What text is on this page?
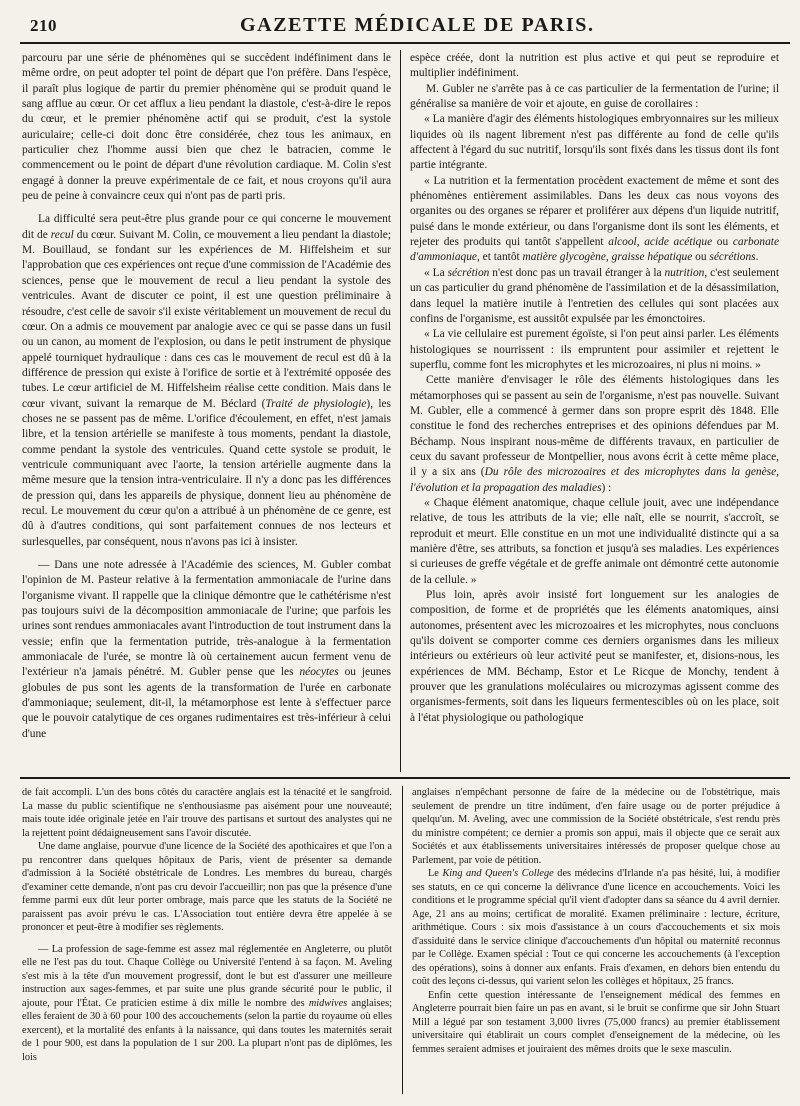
210	GAZETTE MÉDICALE DE PARIS.

parcouru par une série de phénomènes qui se succèdent indéfiniment dans le même ordre, on peut adopter tel point de départ que l'on préfère. Dans l'espèce, il paraît plus logique de partir du premier phénomène qui se produit quand le sang afflue au cœur. Or cet afflux a lieu pendant la diastole, c'est-à-dire le repos du cœur, et le premier phénomène actif qui se produit, c'est la systole auriculaire; celle-ci doit donc être considérée, chez tous les animaux, en particulier chez l'homme aussi bien que chez le batracien, comme le commencement ou le point de départ d'une révolution cardiaque. M. Colin s'est engagé à donner la preuve expérimentale de ce fait, et nous croyons qu'il aura peu de peine à convaincre ceux qui n'ont pas de parti pris.

La difficulté sera peut-être plus grande pour ce qui concerne le mouvement dit de recul du cœur. Suivant M. Colin, ce mouvement a lieu pendant la diastole; M. Bouillaud, se fondant sur les expériences de M. Hiffelsheim et sur l'approbation que ces expériences ont reçue d'une commission de l'Académie des sciences, pense que le mouvement de recul a lieu pendant la systole des ventricules. Avant de discuter ce point, il est une question préliminaire à résoudre, c'est celle de savoir s'il existe véritablement un mouvement de recul du cœur. On a admis ce mouvement par analogie avec ce qui se passe dans un fusil ou un canon, au moment de l'explosion, ou dans le petit instrument de physique appelé tourniquet hydraulique : dans ces cas le mouvement de recul est dû à la différence de pression qui existe à l'orifice de sortie et à l'extrémité opposée des tubes. Le cœur artificiel de M. Hiffelsheim réalise cette condition. Mais dans le cœur vivant, suivant la remarque de M. Béclard (Traité de physiologie), les choses ne se passent pas de même. L'orifice d'écoulement, en effet, n'est jamais libre, et la tension artérielle se manifeste à tous moments, pendant la diastole, comme pendant la systole des ventricules. Quand cette systole se produit, le ventricule communiquant avec l'aorte, la tension artérielle augmente dans la même mesure que la tension intra-ventriculaire. Il n'y a donc pas les différences de pression qui, dans les appareils de physique, donnent lieu au phénomène de recul. Le mouvement du cœur qu'on a attribué à un phénomène de ce genre, est dû à d'autres conditions, qui sont parfaitement connues de nos lecteurs et surlesquelles, par conséquent, nous n'avons pas ici à insister.

— Dans une note adressée à l'Académie des sciences, M. Gubler combat l'opinion de M. Pasteur relative à la fermentation ammoniacale de l'urine dans l'organisme vivant. Il rappelle que la clinique démontre que le cathétérisme n'est pas toujours suivi de la décomposition ammoniacale de l'urine; que parfois les urines sont rendues ammoniacales avant l'introduction de tout instrument dans la vessie; enfin que la fermentation putride, très-analogue à la fermentation ammoniacale de l'urée, se montre là où certainement aucun ferment venu de l'extérieur n'a jamais pénétré. M. Gubler pense que les néocytes ou jeunes globules de pus sont les agents de la transformation de l'urée en carbonate d'ammoniaque; seulement, dit-il, la métamorphose est lente à s'effectuer parce que le pouvoir catalytique de ces organes rudimentaires est très-inférieur à celui d'une

espèce créée, dont la nutrition est plus active et qui peut se reproduire et multiplier indéfiniment.

M. Gubler ne s'arrête pas à ce cas particulier de la fermentation de l'urine; il généralise sa manière de voir et ajoute, en guise de corollaires :

« La manière d'agir des éléments histologiques embryonnaires sur les milieux liquides où ils nagent librement n'est pas différente au fond de celle qu'ils affectent à l'égard du suc nutritif, lorsqu'ils sont fixés dans les tissus dont ils font partie intégrante.

« La nutrition et la fermentation procèdent exactement de même et sont des phénomènes entièrement assimilables. Dans les deux cas nous voyons des organites ou des organes se réparer et proliférer aux dépens d'un liquide nutritif, puisé dans le monde extérieur, ou dans l'organisme dont ils sont les éléments, et rejeter des produits qui tantôt s'appellent alcool, acide acétique ou carbonate d'ammoniaque, et tantôt matière glycogène, graisse hépatique ou sécrétions.

« La sécrétion n'est donc pas un travail étranger à la nutrition, c'est seulement un cas particulier du grand phénomène de l'assimilation et de la désassimilation, dans lequel la matière inutile à l'entretien des cellules qui sont placées aux confins de l'organisme, est aussitôt expulsée par les émonctoires.

« La vie cellulaire est purement égoïste, si l'on peut ainsi parler. Les éléments histologiques se nourrissent : ils empruntent pour assimiler et rejettent le superflu, comme font les microphytes et les microzoaires, ni plus ni moins. »

Cette manière d'envisager le rôle des éléments histologiques dans les métamorphoses qui se passent au sein de l'organisme, n'est pas nouvelle. Suivant M. Gubler, elle a commencé à germer dans son propre esprit dès 1848. Elle constitue le fond des recherches entreprises et des opinions défendues par M. Béchamp. Nous inspirant nous-même de différents travaux, en particulier de ceux du savant professeur de Montpellier, nous avons écrit à cette même place, il y a six ans (Du rôle des microzoaires et des microphytes dans la genèse, l'évolution et la propagation des maladies) :

« Chaque élément anatomique, chaque cellule jouit, avec une indépendance relative, de tous les attributs de la vie; elle naît, elle se nourrit, s'accroît, se reproduit et meurt. Elle constitue en un mot une individualité distincte qui a sa manière d'être, ses attributs, sa fonction et jusqu'à ses maladies. Les expériences si curieuses de greffe végétale et de greffe animale ont démontré cette autonomie de la cellule. »

Plus loin, après avoir insisté fort longuement sur les analogies de composition, de forme et de propriétés que les éléments anatomiques, ainsi autonomes, présentent avec les microzoaires et les microphytes, nous concluons qu'ils doivent se comporter comme ces derniers organismes dans les milieux intérieurs ou extérieurs où leur activité peut se manifester, et, disions-nous, les expériences de MM. Béchamp, Estor et Le Ricque de Monchy, tendent à prouver que les granulations moléculaires ou microzymas agissent comme des organismes-ferments, soit dans les liqueurs fermentescibles où on les place, soit à l'état physiologique ou pathologique

de fait accompli. L'un des bons côtés du caractère anglais est la ténacité et le sangfroid. La masse du public scientifique ne s'enthousiasme pas aisément pour une nouveauté; mais toute idée originale jetée en l'air trouve des partisans et surtout des analystes qui ne la rejettent point dédaigneusement sans l'avoir discutée.

Une dame anglaise, pourvue d'une licence de la Société des apothicaires et que l'on a pu rencontrer dans quelques hôpitaux de Paris, vient de présenter sa demande d'admission à la Société obstétricale de Londres. Les membres du bureau, chargés d'examiner cette demande, n'ont pas cru devoir l'accueillir; non pas que la présence d'une femme parmi eux dût leur porter ombrage, mais parce que les statuts de la Société ne paraissent pas avoir prévu le cas. L'Association tout entière devra être appelée à se prononcer et peut-être à modifier ses règlements.

— La profession de sage-femme est assez mal réglementée en Angleterre, ou plutôt elle ne l'est pas du tout. Chaque Collège ou Université l'entend à sa façon. M. Aveling s'est mis à la tête d'un mouvement progressif, dont le but est d'assurer une meilleure instruction aux sages-femmes, et par suite une plus grande sécurité pour le public, il ajoute, pour l'État. Ce praticien estime à dix mille le nombre des midwives anglaises; elles feraient de 30 à 60 pour 100 des accouchements (selon la partie du royaume où elles exercent), et la mortalité des enfants à la naissance, qui dans toutes les maternités serait de 1 pour 900, est dans la population de 1 sur 200. La plupart n'ont pas de diplômes, les lois

anglaises n'empêchant personne de faire de la médecine ou de l'obstétrique, mais seulement de prendre un titre indûment, d'en faire usage ou de porter préjudice à quelqu'un. M. Aveling, avec une commission de la Société obstétricale, s'est rendu près du ministre compétent; ce dernier a promis son appui, mais il objecte que ce serait aux Sociétés et aux établissements universitaires intéressés de proposer quelque chose au Parlement, par voie de pétition.

Le King and Queen's College des médecins d'Irlande n'a pas hésité, lui, à modifier ses statuts, en ce qui concerne la délivrance d'une licence en accouchements. Voici les conditions et le programme spécial qu'il vient d'adopter dans sa séance du 4 avril dernier. Age, 21 ans au moins; certificat de moralité. Examen préliminaire : lecture, écriture, arithmétique. Cours : six mois d'assistance à un cours d'accouchements et six mois d'assiduité dans le service clinique d'accouchements d'un hôpital ou maternité reconnus par le Collège. Examen spécial : Tout ce qui concerne les accouchements (à l'exception des opérations), soins à donner aux enfants. Frais d'examen, en dehors bien entendu du coût des leçons ci-dessus, qui varient selon les collèges et hôpitaux, 25 francs.

Enfin cette question intéressante de l'enseignement médical des femmes en Angleterre pourrait bien faire un pas en avant, si le bruit se confirme que sir John Stuart Mill a légué par son testament 3,000 livres (75,000 francs) au premier établissement universitaire qui établirait un cours complet d'enseignement de la médecine, où les femmes seraient admises et jouiraient des mêmes droits que le sexe masculin.
